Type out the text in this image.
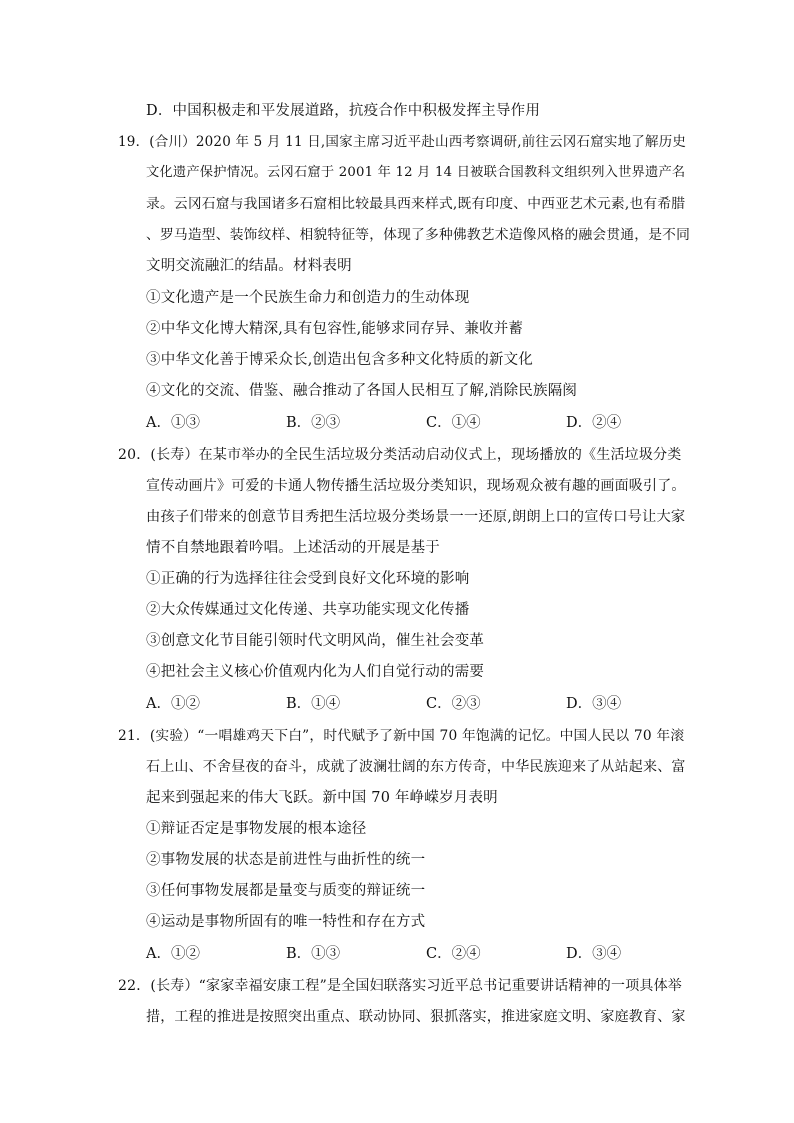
D．中国积极走和平发展道路，抗疫合作中积极发挥主导作用
19．(合川）2020 年 5 月 11 日,国家主席习近平赴山西考察调研,前往云冈石窟实地了解历史
文化遗产保护情况。云冈石窟于 2001 年 12 月 14 日被联合国教科文组织列入世界遗产名
录。云冈石窟与我国诸多石窟相比较最具西来样式,既有印度、中西亚艺术元素,也有希腊
、罗马造型、装饰纹样、相貌特征等，体现了多种佛教艺术造像风格的融会贯通，是不同
文明交流融汇的结晶。材料表明
①文化遗产是一个民族生命力和创造力的生动体现
②中华文化博大精深,具有包容性,能够求同存异、兼收并蓄
③中华文化善于博采众长,创造出包含多种文化特质的新文化
④文化的交流、借鉴、融合推动了各国人民相互了解,消除民族隔阂
A．①③	B．②③	C．①④	D．②④
20．(长寿）在某市举办的全民生活垃圾分类活动启动仪式上，现场播放的《生活垃圾分类
宣传动画片》可爱的卡通人物传播生活垃圾分类知识，现场观众被有趣的画面吸引了。
由孩子们带来的创意节目秀把生活垃圾分类场景一一还原,朗朗上口的宣传口号让大家
情不自禁地跟着吟唱。上述活动的开展是基于
①正确的行为选择往往会受到良好文化环境的影响
②大众传媒通过文化传递、共享功能实现文化传播
③创意文化节目能引领时代文明风尚，催生社会变革
④把社会主义核心价值观内化为人们自觉行动的需要
A．①②	B．①④	C．②③	D．③④
21．(实验）“一唱雄鸡天下白”，时代赋予了新中国 70 年饱满的记忆。中国人民以 70 年滚
石上山、不舍昼夜的奋斗，成就了波澜壮阔的东方传奇，中华民族迎来了从站起来、富
起来到强起来的伟大飞跃。新中国 70 年峥嵘岁月表明
①辩证否定是事物发展的根本途径
②事物发展的状态是前进性与曲折性的统一
③任何事物发展都是量变与质变的辩证统一
④运动是事物所固有的唯一特性和存在方式
A．①②	B．①③	C．②④	D．③④
22．(长寿）“家家幸福安康工程”是全国妇联落实习近平总书记重要讲话精神的一项具体举
措，工程的推进是按照突出重点、联动协同、狠抓落实，推进家庭文明、家庭教育、家
